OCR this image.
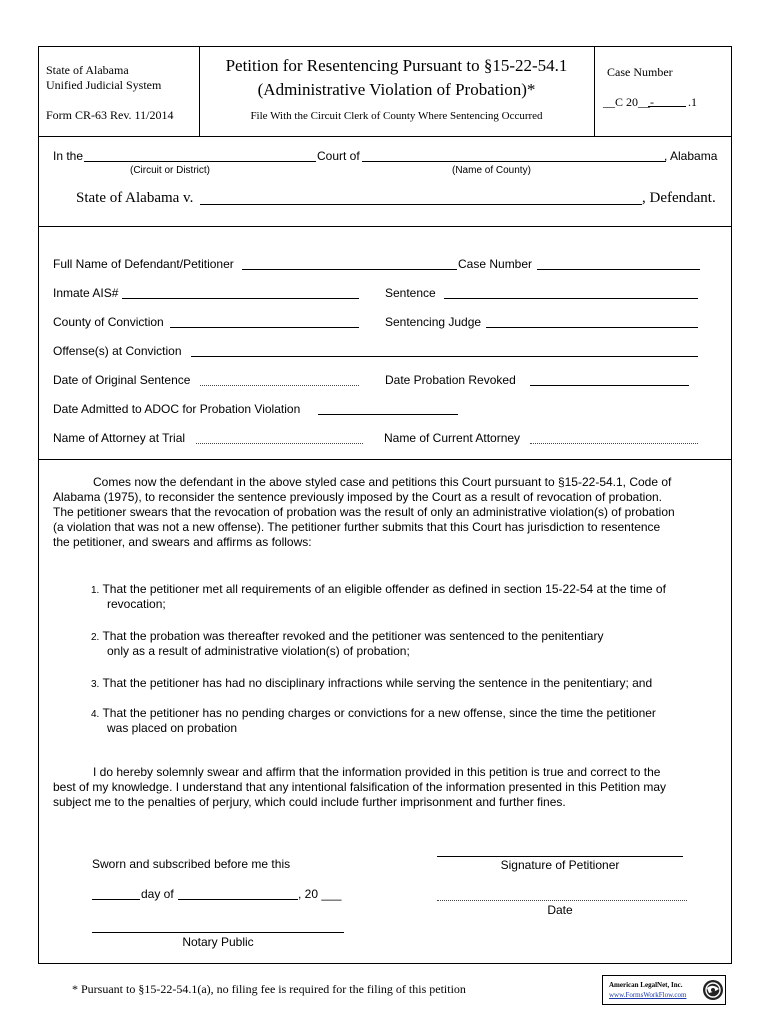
State of Alabama
Unified Judicial System
Form CR-63 Rev. 11/2014
Petition for Resentencing Pursuant to §15-22-54.1
(Administrative Violation of Probation)*
File With the Circuit Clerk of County Where Sentencing Occurred
Case Number
__C 20__-	.1
In the	Court of	, Alabama
(Circuit or District)	(Name of County)
State of Alabama v.	, Defendant.
Full Name of Defendant/Petitioner	Case Number
Inmate AIS#	Sentence
County of Conviction	Sentencing Judge
Offense(s) at Conviction
Date of Original Sentence	Date Probation Revoked
Date Admitted to ADOC for Probation Violation
Name of Attorney at Trial	Name of Current Attorney
Comes now the defendant in the above styled case and petitions this Court pursuant to §15-22-54.1, Code of
Alabama (1975), to reconsider the sentence previously imposed by the Court as a result of revocation of probation.
The petitioner swears that the revocation of probation was the result of only an administrative violation(s) of probation
(a violation that was not a new offense). The petitioner further submits that this Court has jurisdiction to resentence
the petitioner, and swears and affirms as follows:
1. That the petitioner met all requirements of an eligible offender as defined in section 15-22-54 at the time of
revocation;
2. That the probation was thereafter revoked and the petitioner was sentenced to the penitentiary
only as a result of administrative violation(s) of probation;
3. That the petitioner has had no disciplinary infractions while serving the sentence in the penitentiary; and
4. That the petitioner has no pending charges or convictions for a new offense, since the time the petitioner
was placed on probation
I do hereby solemnly swear and affirm that the information provided in this petition is true and correct to the
best of my knowledge. I understand that any intentional falsification of the information presented in this Petition may
subject me to the penalties of perjury, which could include further imprisonment and further fines.
Sworn and subscribed before me this	Signature of Petitioner
day of	, 20 ___
Date
Notary Public
* Pursuant to §15-22-54.1(a), no filing fee is required for the filing of this petition	American LegalNet, Inc.
www.FormsWorkFlow.com
